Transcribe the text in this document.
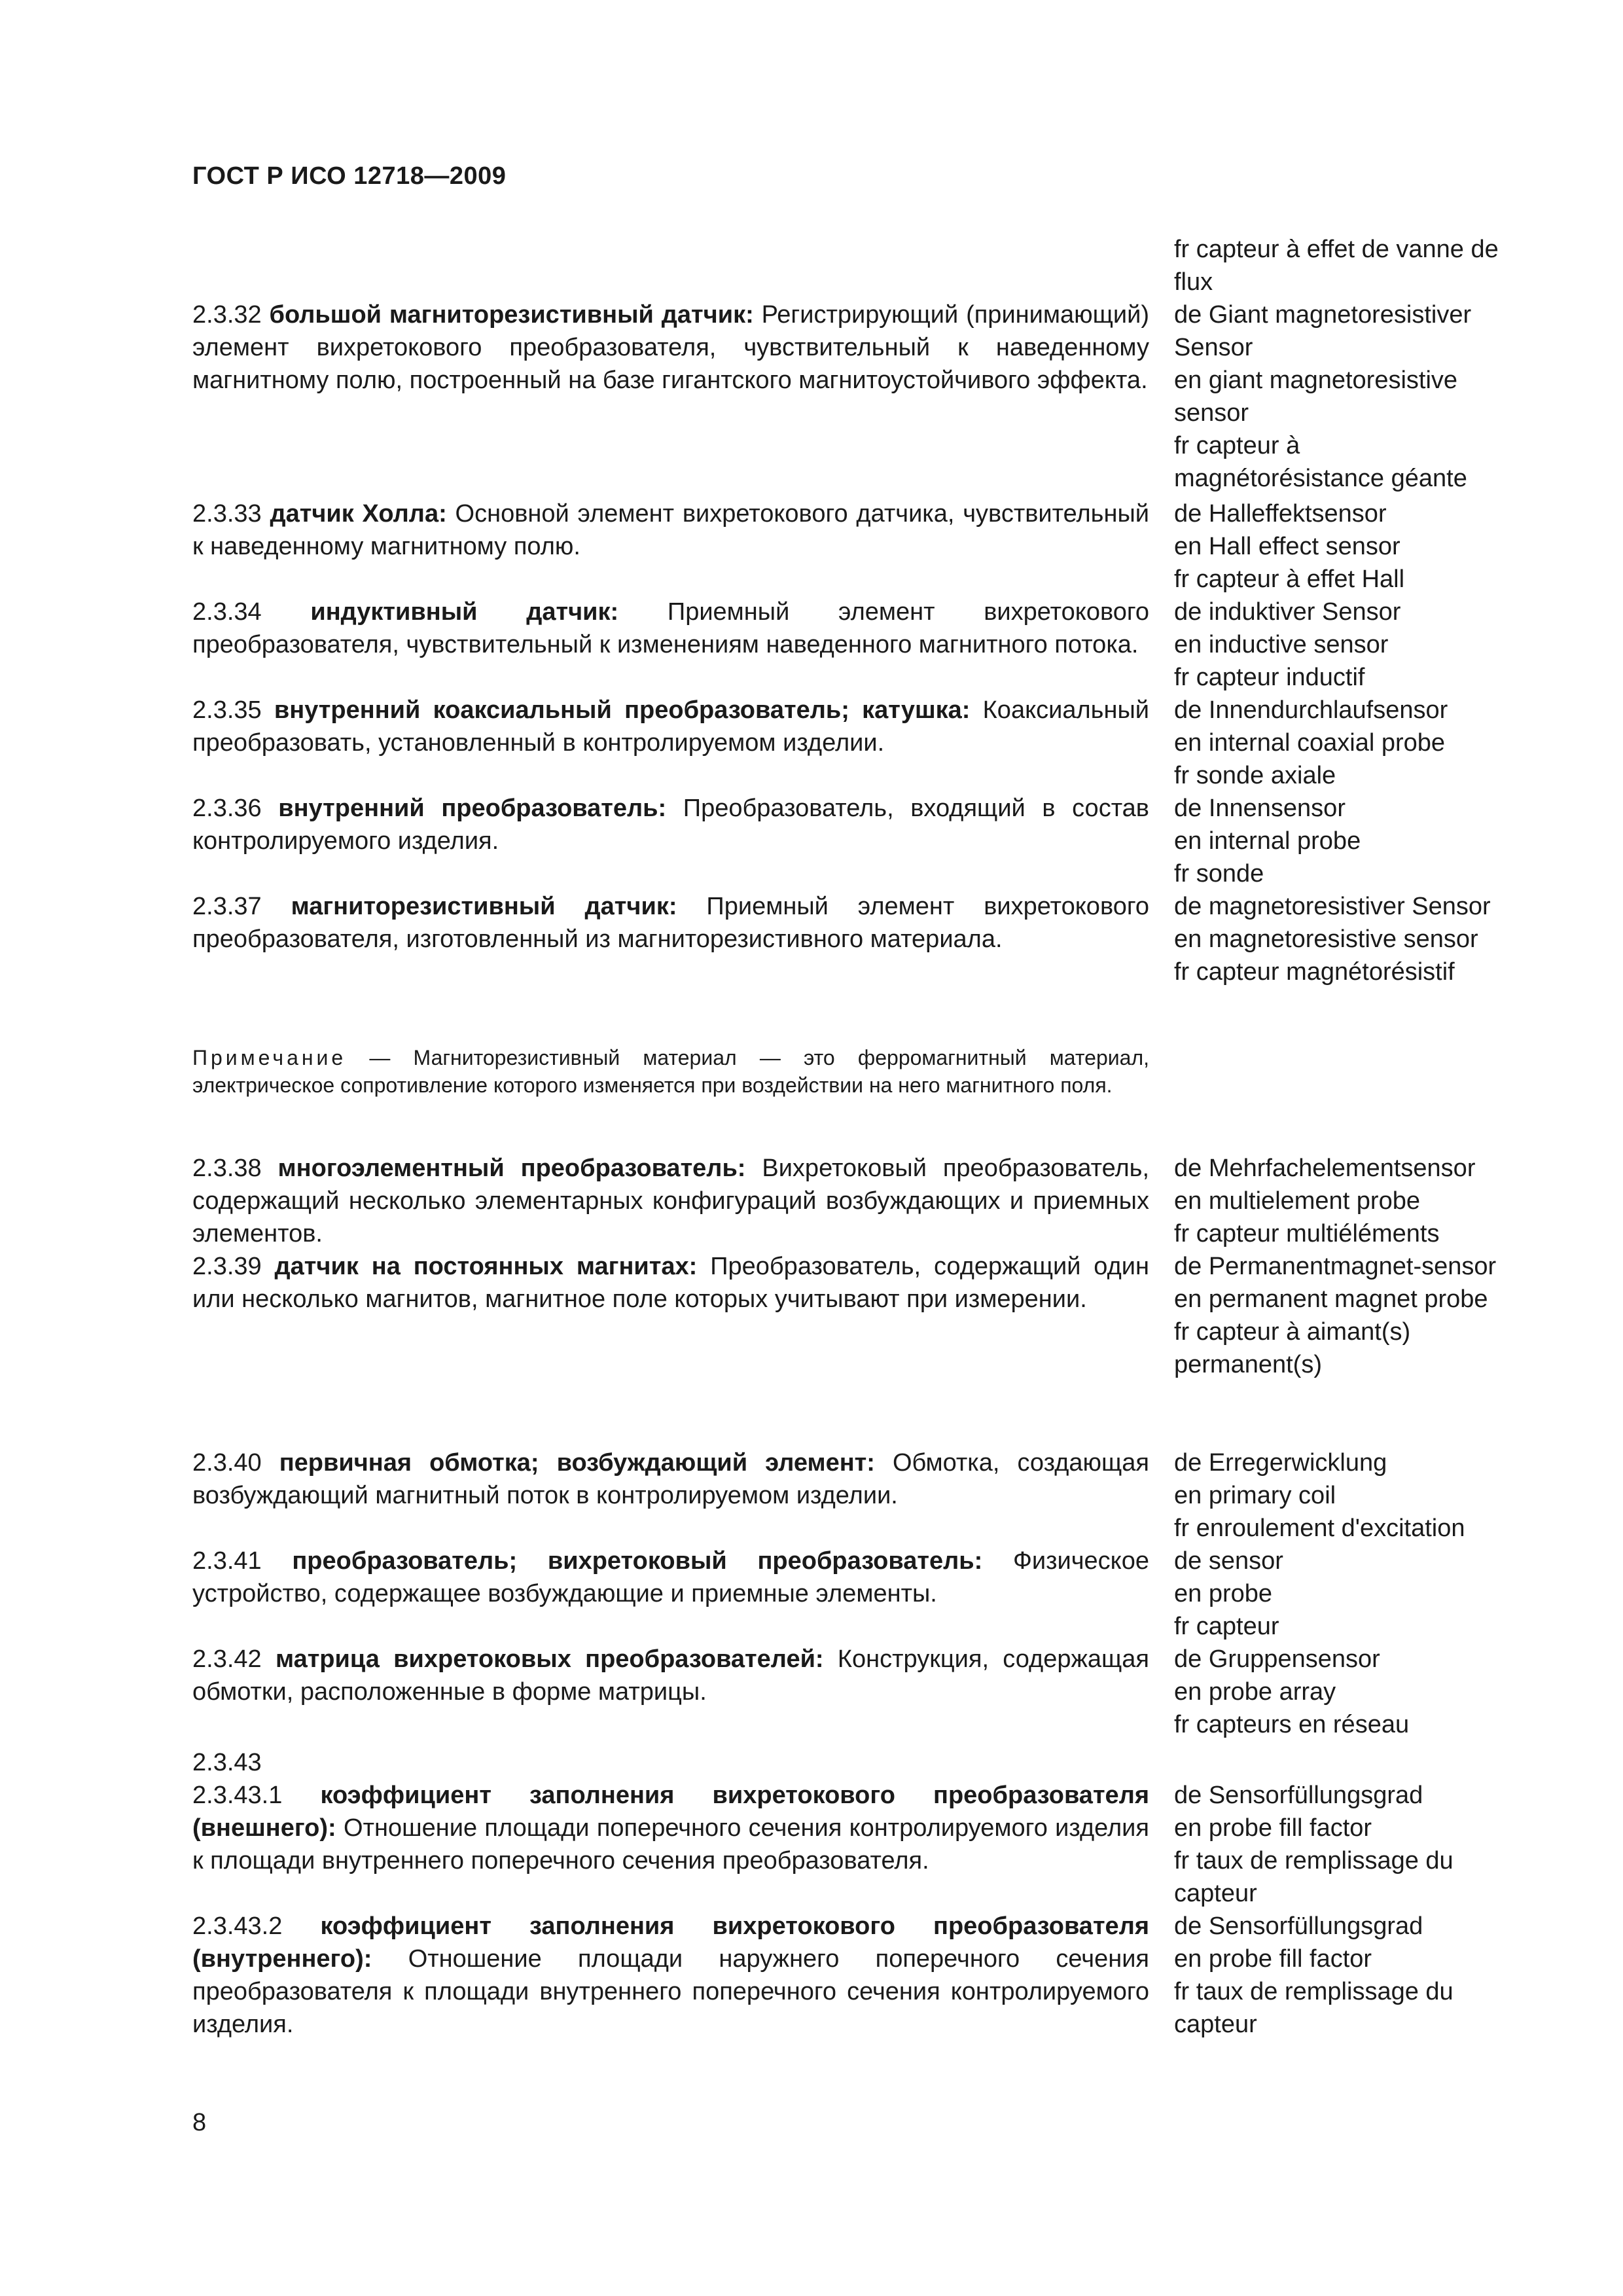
ГОСТ Р ИСО 12718—2009
fr capteur à effet de vanne de flux
2.3.32 большой магниторезистивный датчик: Регистрирующий (принимающий) элемент вихретокового преобразователя, чувствительный к наведенному магнитному полю, построенный на базе гигантского магнитоустойчивого эффекта.
de Giant magnetoresistiver Sensor
en giant magnetoresistive sensor
fr capteur à magnétorésistance géante
2.3.33 датчик Холла: Основной элемент вихретокового датчика, чувствительный к наведенному магнитному полю.
de Halleffektsensor
en Hall effect sensor
fr capteur à effet Hall
2.3.34 индуктивный датчик: Приемный элемент вихретокового преобразователя, чувствительный к изменениям наведенного магнитного потока.
de induktiver Sensor
en inductive sensor
fr capteur inductif
2.3.35 внутренний коаксиальный преобразователь; катушка: Коаксиальный преобразовать, установленный в контролируемом изделии.
de Innendurchlaufsensor
en internal coaxial probe
fr sonde axiale
2.3.36 внутренний преобразователь: Преобразователь, входящий в состав контролируемого изделия.
de Innensensor
en internal probe
fr sonde
2.3.37 магниторезистивный датчик: Приемный элемент вихретокового преобразователя, изготовленный из магниторезистивного материала.
de magnetoresistiver Sensor
en magnetoresistive sensor
fr capteur magnétorésistif
Примечание — Магниторезистивный материал — это ферромагнитный материал, электрическое сопротивление которого изменяется при воздействии на него магнитного поля.
2.3.38 многоэлементный преобразователь: Вихретоковый преобразователь, содержащий несколько элементарных конфигураций возбуждающих и приемных элементов.
de Mehrfachelementsensor
en multielement probe
fr capteur multiéléments
2.3.39 датчик на постоянных магнитах: Преобразователь, содержащий один или несколько магнитов, магнитное поле которых учитывают при измерении.
de Permanentmagnet-sensor
en permanent magnet probe
fr capteur à aimant(s) permanent(s)
2.3.40 первичная обмотка; возбуждающий элемент: Обмотка, создающая возбуждающий магнитный поток в контролируемом изделии.
de Erregerwicklung
en primary coil
fr enroulement d'excitation
2.3.41 преобразователь; вихретоковый преобразователь: Физическое устройство, содержащее возбуждающие и приемные элементы.
de sensor
en probe
fr capteur
2.3.42 матрица вихретоковых преобразователей: Конструкция, содержащая обмотки, расположенные в форме матрицы.
de Gruppensensor
en probe array
fr capteurs en réseau
2.3.43
2.3.43.1 коэффициент заполнения вихретокового преобразователя (внешнего): Отношение площади поперечного сечения контролируемого изделия к площади внутреннего поперечного сечения преобразователя.
de Sensorfüllungsgrad
en probe fill factor
fr taux de remplissage du capteur
2.3.43.2 коэффициент заполнения вихретокового преобразователя (внутреннего): Отношение площади наружнего поперечного сечения преобразователя к площади внутреннего поперечного сечения контролируемого изделия.
de Sensorfüllungsgrad
en probe fill factor
fr taux de remplissage du capteur
8
